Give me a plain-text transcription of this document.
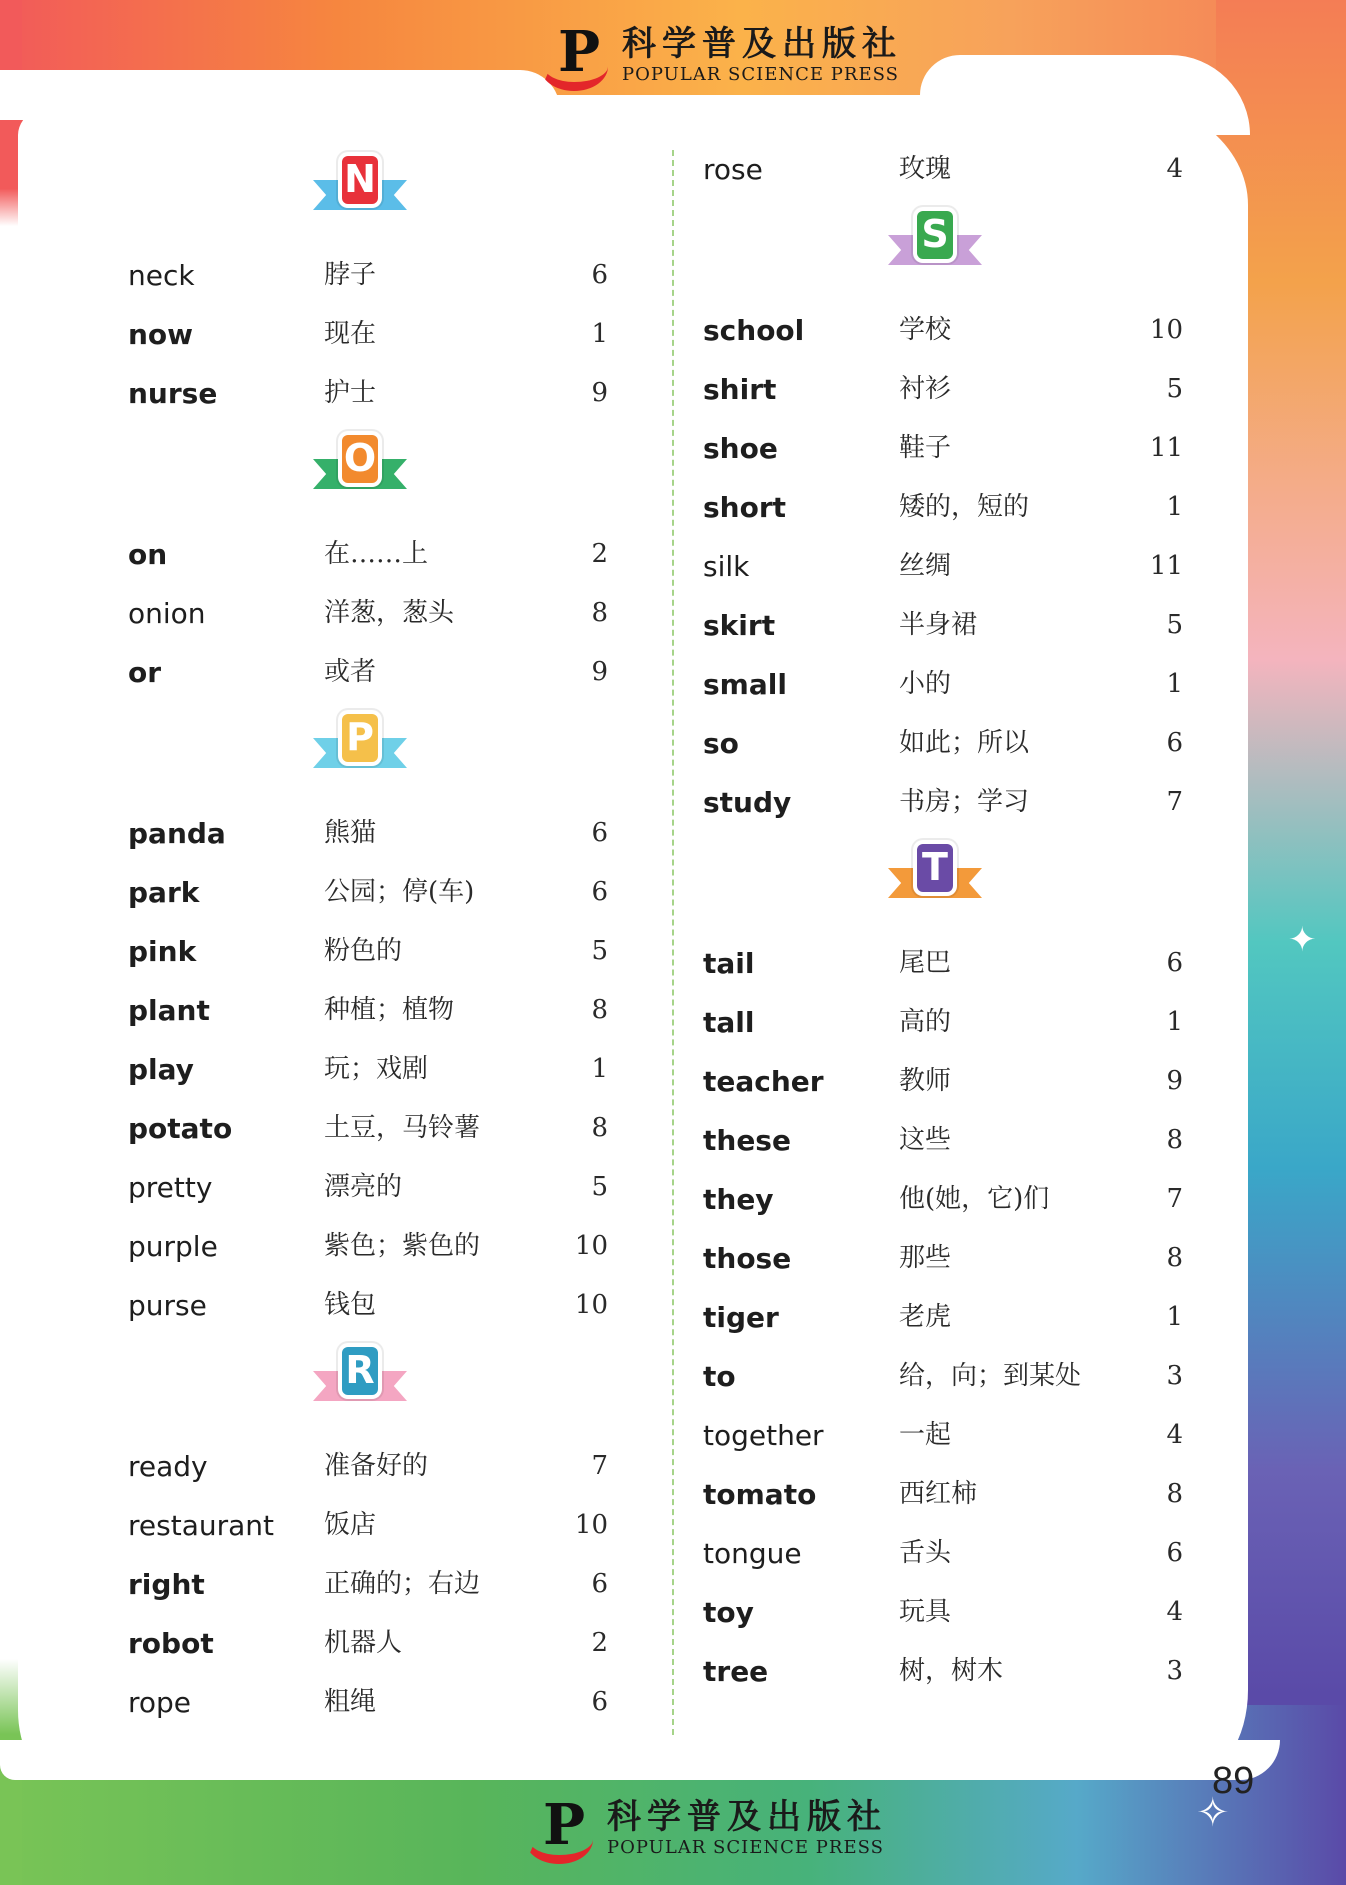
P 科学普及出版社
POPULAR SCIENCE PRESS
N
neck	脖子	6
now	现在	1
nurse	护士	9
O
on	在……上	2
onion	洋葱，葱头	8
or	或者	9
P
panda	熊猫	6
park	公园；停(车)	6
pink	粉色的	5
plant	种植；植物	8
play	玩；戏剧	1
potato	土豆，马铃薯	8
pretty	漂亮的	5
purple	紫色；紫色的	10
purse	钱包	10
R
ready	准备好的	7
restaurant 饭店	10
right	正确的；右边	6
robot	机器人	2
rope	粗绳	6
rose	玫瑰	4
S
school	学校	10
shirt	衬衫	5
shoe	鞋子	11
short	矮的，短的	1
silk	丝绸	11
skirt	半身裙	5
small	小的	1
so	如此；所以	6
study	书房；学习	7
T
tail	尾巴	6
tall	高的	1
teacher	教师	9
these	这些	8
they	他(她，它)们	7
those	那些	8
tiger	老虎	1
to	给，向；到某处	3
together	一起	4
tomato	西红柿	8
tongue	舌头	6
toy	玩具	4
tree	树，树木	3
P 科学普及出版社
POPULAR SCIENCE PRESS
✦
✧
89
